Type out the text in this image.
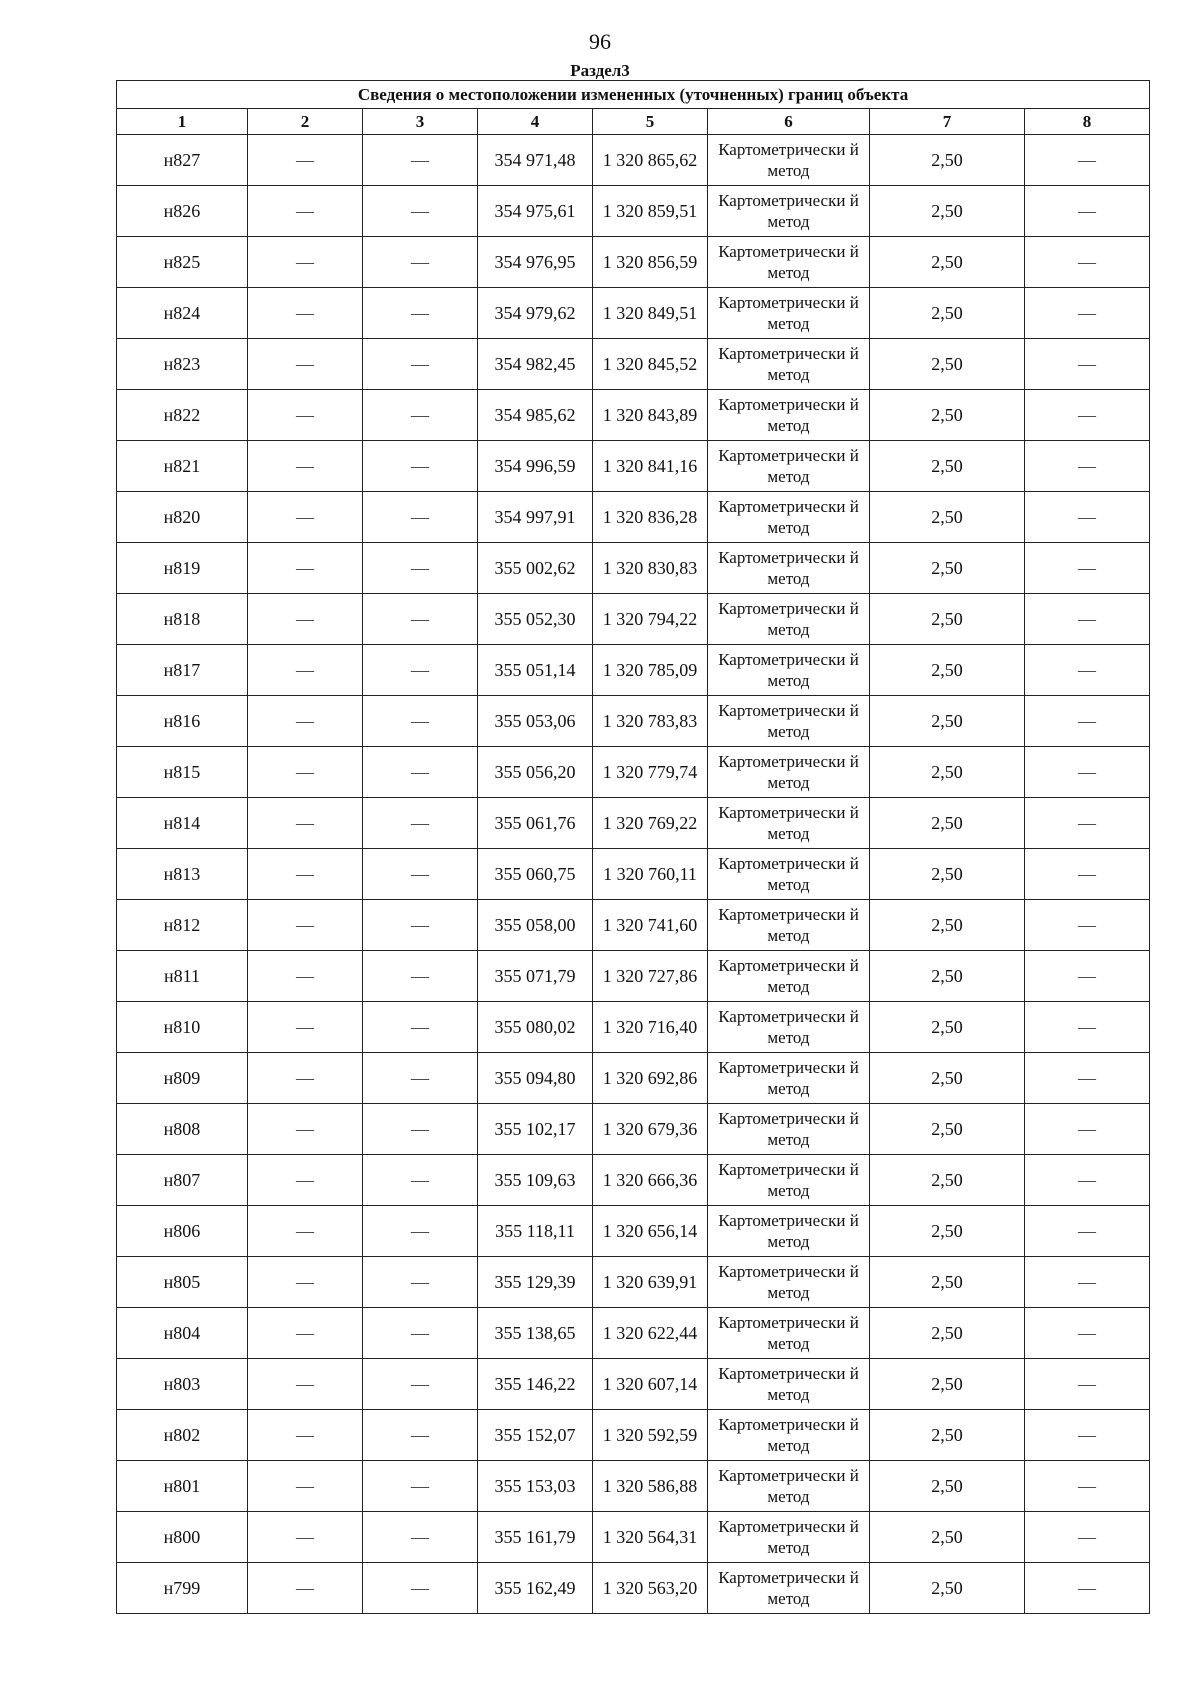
96
Раздел3
Сведения о местоположении измененных (уточненных) границ объекта							
1	2	3	4	5	6	7	8
н827	—	—	354 971,48	1 320 865,62	Картометрически й метод	2,50	—
н826	—	—	354 975,61	1 320 859,51	Картометрически й метод	2,50	—
н825	—	—	354 976,95	1 320 856,59	Картометрически й метод	2,50	—
н824	—	—	354 979,62	1 320 849,51	Картометрически й метод	2,50	—
н823	—	—	354 982,45	1 320 845,52	Картометрически й метод	2,50	—
н822	—	—	354 985,62	1 320 843,89	Картометрически й метод	2,50	—
н821	—	—	354 996,59	1 320 841,16	Картометрически й метод	2,50	—
н820	—	—	354 997,91	1 320 836,28	Картометрически й метод	2,50	—
н819	—	—	355 002,62	1 320 830,83	Картометрически й метод	2,50	—
н818	—	—	355 052,30	1 320 794,22	Картометрически й метод	2,50	—
н817	—	—	355 051,14	1 320 785,09	Картометрически й метод	2,50	—
н816	—	—	355 053,06	1 320 783,83	Картометрически й метод	2,50	—
н815	—	—	355 056,20	1 320 779,74	Картометрически й метод	2,50	—
н814	—	—	355 061,76	1 320 769,22	Картометрически й метод	2,50	—
н813	—	—	355 060,75	1 320 760,11	Картометрически й метод	2,50	—
н812	—	—	355 058,00	1 320 741,60	Картометрически й метод	2,50	—
н811	—	—	355 071,79	1 320 727,86	Картометрически й метод	2,50	—
н810	—	—	355 080,02	1 320 716,40	Картометрически й метод	2,50	—
н809	—	—	355 094,80	1 320 692,86	Картометрически й метод	2,50	—
н808	—	—	355 102,17	1 320 679,36	Картометрически й метод	2,50	—
н807	—	—	355 109,63	1 320 666,36	Картометрически й метод	2,50	—
н806	—	—	355 118,11	1 320 656,14	Картометрически й метод	2,50	—
н805	—	—	355 129,39	1 320 639,91	Картометрически й метод	2,50	—
н804	—	—	355 138,65	1 320 622,44	Картометрически й метод	2,50	—
н803	—	—	355 146,22	1 320 607,14	Картометрически й метод	2,50	—
н802	—	—	355 152,07	1 320 592,59	Картометрически й метод	2,50	—
н801	—	—	355 153,03	1 320 586,88	Картометрически й метод	2,50	—
н800	—	—	355 161,79	1 320 564,31	Картометрически й метод	2,50	—
н799	—	—	355 162,49	1 320 563,20	Картометрически й метод	2,50	—
